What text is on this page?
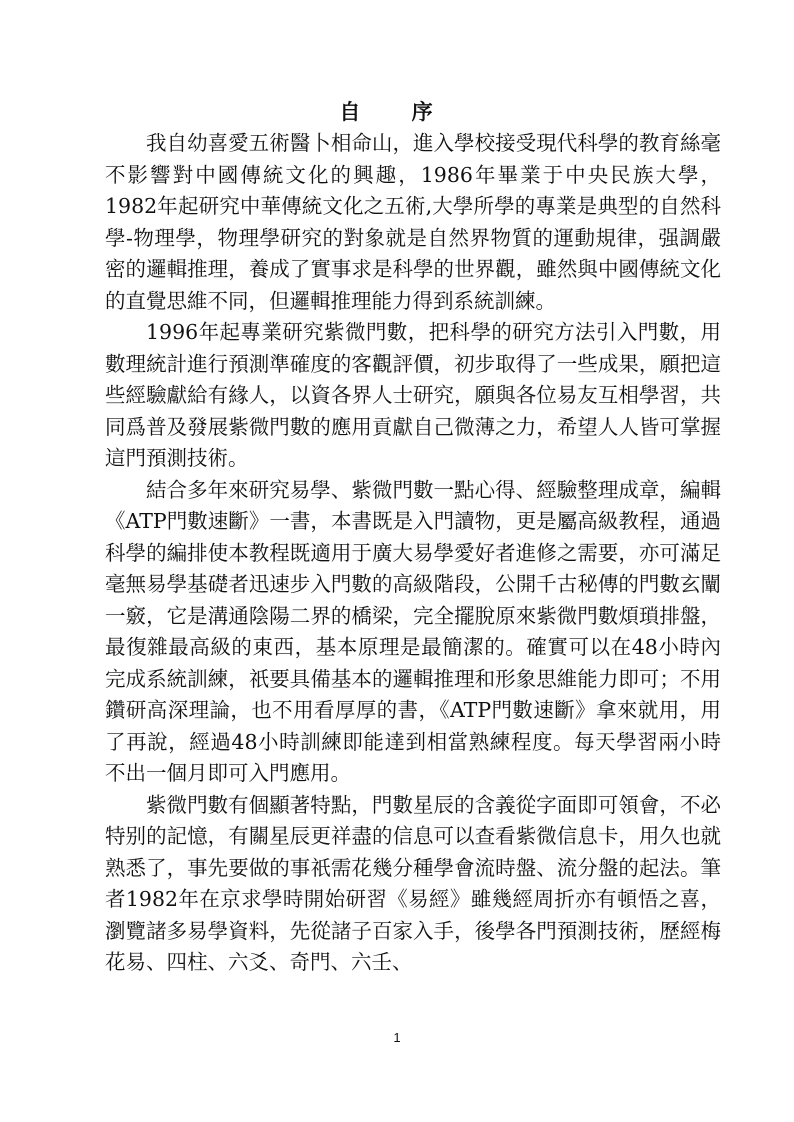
自 序

我自幼喜愛五術醫卜相命山，進入學校接受現代科學的教育絲毫不影響對中國傳統文化的興趣，1986年畢業于中央民族大學，1982年起研究中華傳統文化之五術,大學所學的專業是典型的自然科學-物理學，物理學研究的對象就是自然界物質的運動規律，强調嚴密的邏輯推理，養成了實事求是科學的世界觀，雖然與中國傳統文化的直覺思維不同，但邏輯推理能力得到系統訓練。

1996年起專業研究紫微門數，把科學的研究方法引入門數，用數理統計進行預測準確度的客觀評價，初步取得了一些成果，願把這些經驗獻給有緣人，以資各界人士研究，願與各位易友互相學習，共同爲普及發展紫微門數的應用貢獻自己微薄之力，希望人人皆可掌握這門預測技術。

結合多年來研究易學、紫微門數一點心得、經驗整理成章，編輯《ATP門數速斷》一書，本書既是入門讀物，更是屬高級教程，通過科學的編排使本教程既適用于廣大易學愛好者進修之需要，亦可滿足毫無易學基礎者迅速步入門數的高級階段，公開千古秘傳的門數玄闡一竅，它是溝通陰陽二界的橋梁，完全擺脫原來紫微門數煩瑣排盤，最復雜最高級的東西，基本原理是最簡潔的。確實可以在48小時內完成系統訓練，祇要具備基本的邏輯推理和形象思維能力即可；不用鑽研高深理論，也不用看厚厚的書，《ATP門數速斷》拿來就用，用了再說，經過48小時訓練即能達到相當熟練程度。每天學習兩小時不出一個月即可入門應用。

紫微門數有個顯著特點，門數星辰的含義從字面即可領會，不必特别的記憶，有關星辰更祥盡的信息可以查看紫微信息卡，用久也就熟悉了，事先要做的事祇需花幾分種學會流時盤、流分盤的起法。筆者1982年在京求學時開始研習《易經》雖幾經周折亦有頓悟之喜，瀏覽諸多易學資料，先從諸子百家入手，後學各門預測技術，歷經梅花易、四柱、六爻、奇門、六壬、

1
